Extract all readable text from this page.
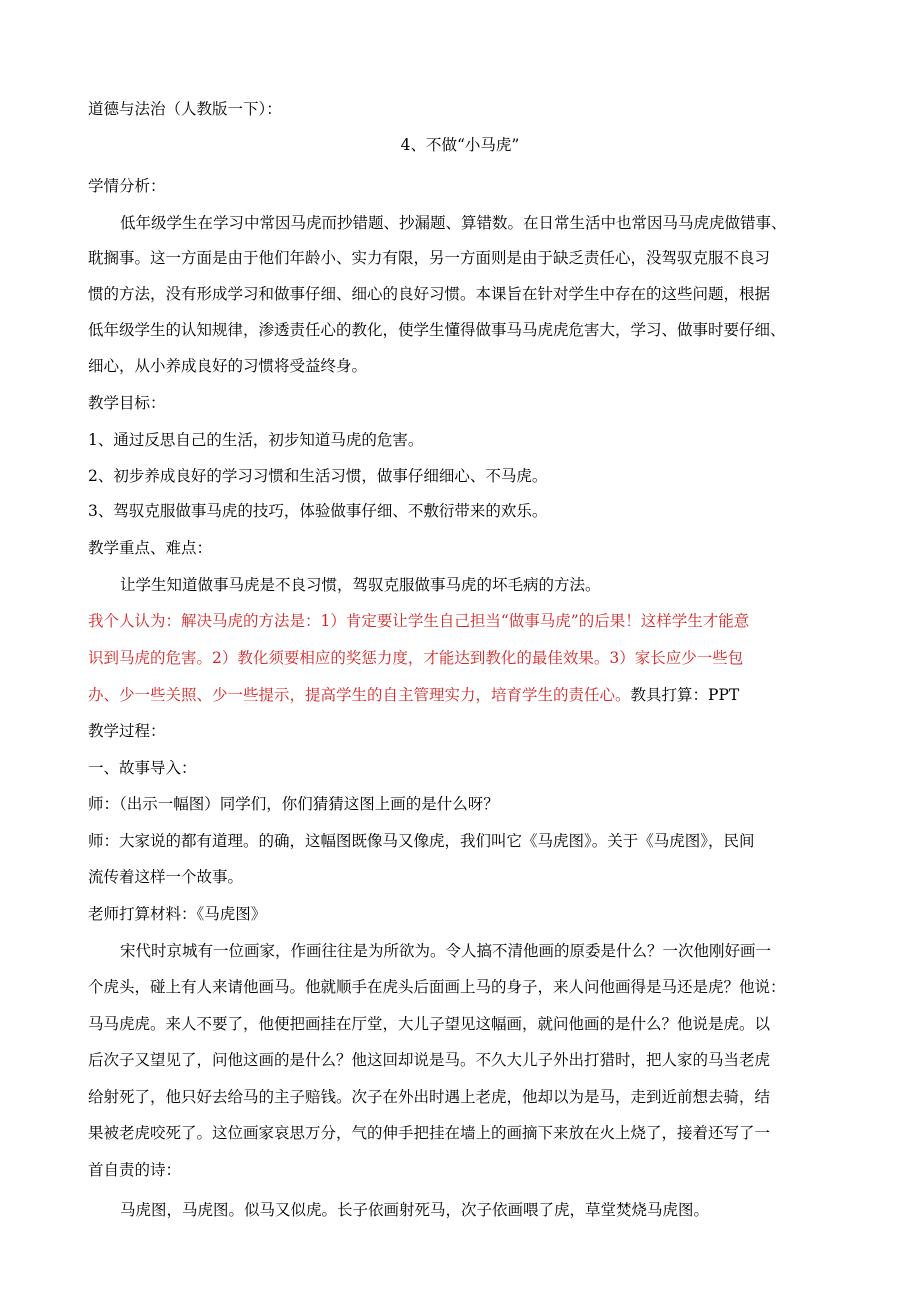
道德与法治（人教版一下）：
4、不做“小马虎”
学情分析：
低年级学生在学习中常因马虎而抄错题、抄漏题、算错数。在日常生活中也常因马马虎虎做错事、
耽搁事。这一方面是由于他们年龄小、实力有限，另一方面则是由于缺乏责任心，没驾驭克服不良习
惯的方法，没有形成学习和做事仔细、细心的良好习惯。本课旨在针对学生中存在的这些问题，根据
低年级学生的认知规律，渗透责任心的教化，使学生懂得做事马马虎虎危害大，学习、做事时要仔细、
细心，从小养成良好的习惯将受益终身。
教学目标：
1、通过反思自己的生活，初步知道马虎的危害。
2、初步养成良好的学习习惯和生活习惯，做事仔细细心、不马虎。
3、驾驭克服做事马虎的技巧，体验做事仔细、不敷衍带来的欢乐。
教学重点、难点：
让学生知道做事马虎是不良习惯，驾驭克服做事马虎的坏毛病的方法。
我个人认为：解决马虎的方法是：1）肯定要让学生自己担当“做事马虎”的后果！这样学生才能意
识到马虎的危害。2）教化须要相应的奖惩力度，才能达到教化的最佳效果。3）家长应少一些包
办、少一些关照、少一些提示，提高学生的自主管理实力，培育学生的责任心。教具打算：PPT
教学过程：
一、故事导入：
师：（出示一幅图）同学们，你们猜猜这图上画的是什么呀？
师：大家说的都有道理。的确，这幅图既像马又像虎，我们叫它《马虎图》。关于《马虎图》，民间
流传着这样一个故事。
老师打算材料：《马虎图》
宋代时京城有一位画家，作画往往是为所欲为。令人搞不清他画的原委是什么？一次他刚好画一
个虎头，碰上有人来请他画马。他就顺手在虎头后面画上马的身子，来人问他画得是马还是虎？他说：
马马虎虎。来人不要了，他便把画挂在厅堂，大儿子望见这幅画，就问他画的是什么？他说是虎。以
后次子又望见了，问他这画的是什么？他这回却说是马。不久大儿子外出打猎时，把人家的马当老虎
给射死了，他只好去给马的主子赔钱。次子在外出时遇上老虎，他却以为是马，走到近前想去骑，结
果被老虎咬死了。这位画家哀思万分，气的伸手把挂在墙上的画摘下来放在火上烧了，接着还写了一
首自责的诗：
马虎图，马虎图。似马又似虎。长子依画射死马，次子依画喂了虎，草堂焚烧马虎图。
